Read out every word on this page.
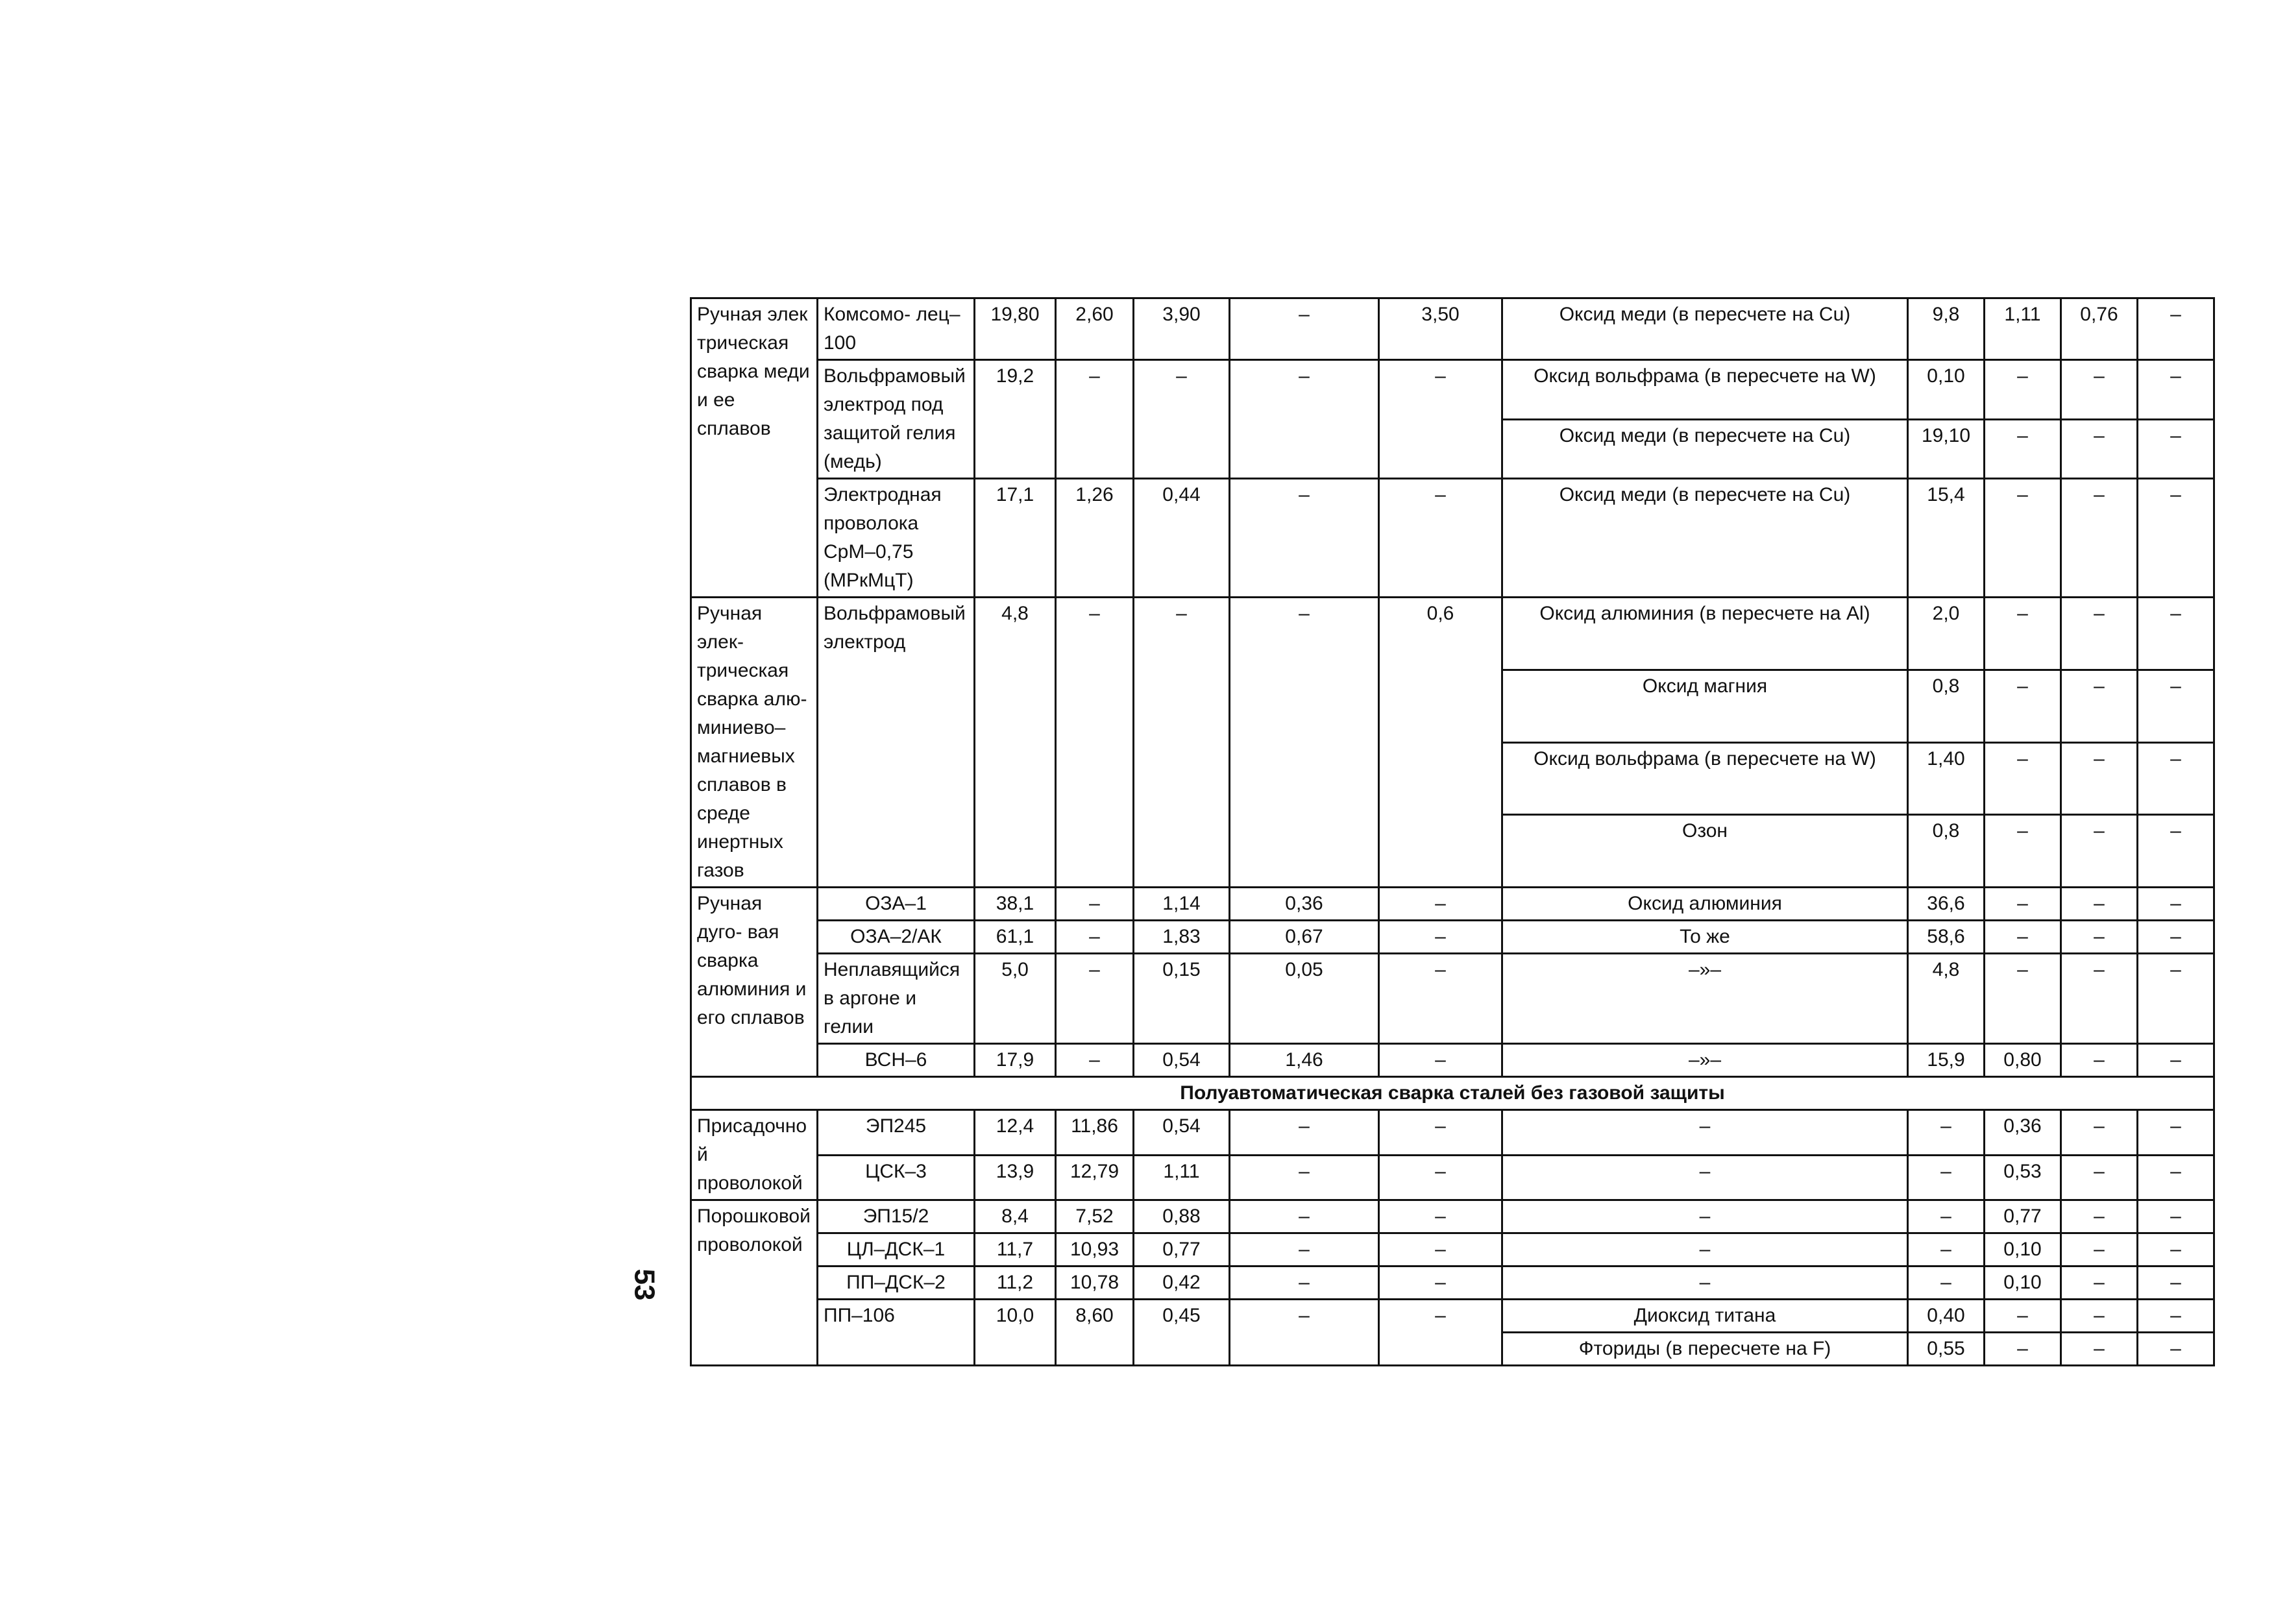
53
Ручная элек трическая сварка меди и ее сплавов	Комсомо- лец–100	19,80	2,60	3,90	–	3,50	Оксид меди (в пересчете на Cu)	9,8	1,11	0,76	–
	Вольфрамовый электрод под защитой гелия (медь)	19,2	–	–	–	–	Оксид вольфрама (в пересчете на W)	0,10	–	–	–
							Оксид меди (в пересчете на Cu)	19,10	–	–	–
	Электродная проволока СрМ–0,75 (МРкМцТ)	17,1	1,26	0,44	–	–	Оксид меди (в пересчете на Cu)	15,4	–	–	–
Ручная элек- трическая сварка алю- миниево– магниевых сплавов в среде инертных газов	Вольфрамовый электрод	4,8	–	–	–	0,6	Оксид алюминия (в пересчете на Al)	2,0	–	–	–
							Оксид магния	0,8	–	–	–
							Оксид вольфрама (в пересчете на W)	1,40	–	–	–
							Озон	0,8	–	–	–
Ручная дуго- вая сварка алюминия и его сплавов	ОЗА–1	38,1	–	1,14	0,36	–	Оксид алюминия	36,6	–	–	–
	ОЗА–2/АК	61,1	–	1,83	0,67	–	То же	58,6	–	–	–
	Неплавящийся в аргоне и гелии	5,0	–	0,15	0,05	–	–»–	4,8	–	–	–
	ВСН–6	17,9	–	0,54	1,46	–	–»–	15,9	0,80	–	–
Полуавтоматическая сварка сталей без газовой защиты											
Присадочной проволокой	ЭП245	12,4	11,86	0,54	–	–	–	–	0,36	–	–
	ЦСК–3	13,9	12,79	1,11	–	–	–	–	0,53	–	–
Порошковой проволокой	ЭП15/2	8,4	7,52	0,88	–	–	–	–	0,77	–	–
	ЦЛ–ДСК–1	11,7	10,93	0,77	–	–	–	–	0,10	–	–
	ПП–ДСК–2	11,2	10,78	0,42	–	–	–	–	0,10	–	–
	ПП–106	10,0	8,60	0,45	–	–	Диоксид титана	0,40	–	–	–
							Фториды (в пересчете на F)	0,55	–	–	–
